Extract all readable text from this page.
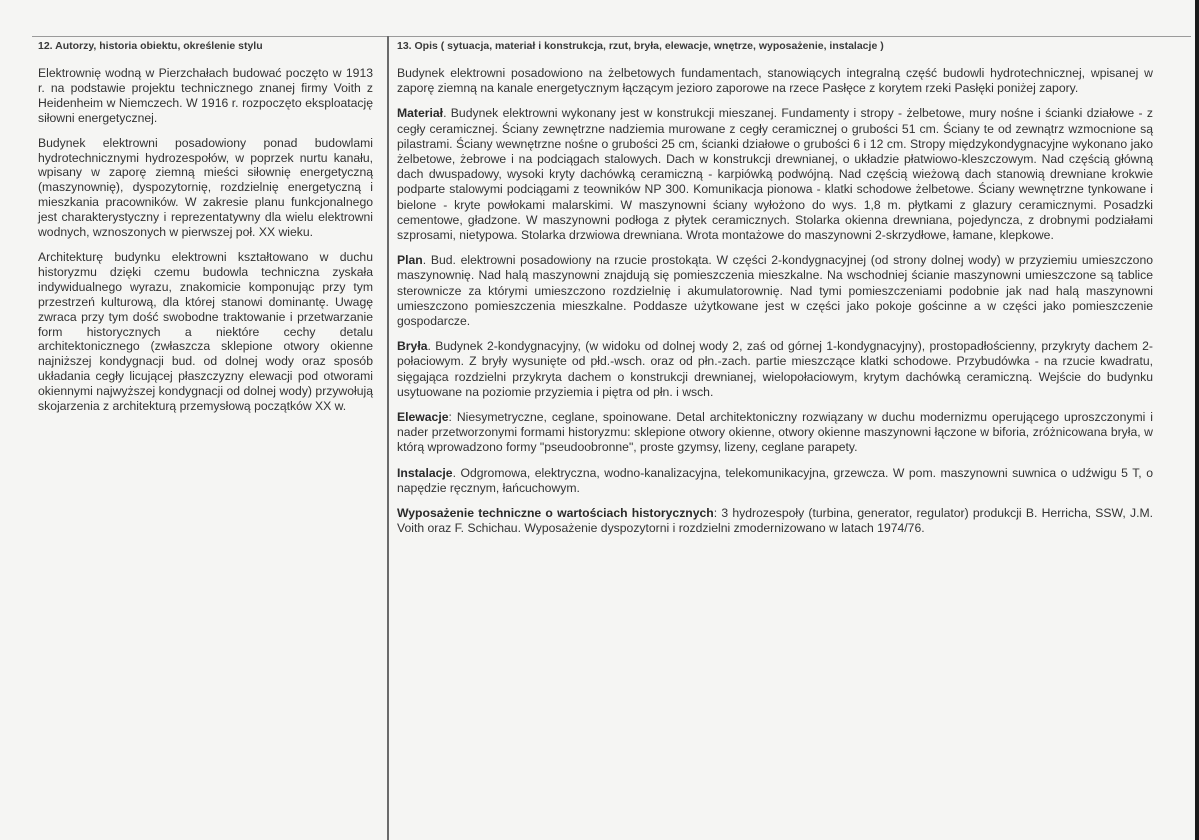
12. Autorzy, historia obiektu, określenie stylu

Elektrownię wodną w Pierzchałach budować poczęto w 1913 r. na podstawie projektu technicznego znanej firmy Voith z Heidenheim w Niemczech. W 1916 r. rozpoczęto eksploatację siłowni energetycznej.

Budynek elektrowni posadowiony ponad budowlami hydrotechnicznymi hydrozespołów, w poprzek nurtu kanału, wpisany w zaporę ziemną mieści siłownię energetyczną (maszynownię), dyspozytornię, rozdzielnię energetyczną i mieszkania pracowników. W zakresie planu funkcjonalnego jest charakterystyczny i reprezentatywny dla wielu elektrowni wodnych, wznoszonych w pierwszej poł. XX wieku.

Architekturę budynku elektrowni kształtowano w duchu historyzmu dzięki czemu budowla techniczna zyskała indywidualnego wyrazu, znakomicie komponując przy tym przestrzeń kulturową, dla której stanowi dominantę. Uwagę zwraca przy tym dość swobodne traktowanie i przetwarzanie form historycznych a niektóre cechy detalu architektonicznego (zwłaszcza sklepione otwory okienne najniższej kondygnacji bud. od dolnej wody oraz sposób układania cegły licującej płaszczyzny elewacji pod otworami okiennymi najwyższej kondygnacji od dolnej wody) przywołują skojarzenia z architekturą przemysłową początków XX w.

13. Opis ( sytuacja, materiał i konstrukcja, rzut, bryła, elewacje, wnętrze, wyposażenie, instalacje )

Budynek elektrowni posadowiono na żelbetowych fundamentach, stanowiących integralną część budowli hydrotechnicznej, wpisanej w zaporę ziemną na kanale energetycznym łączącym jezioro zaporowe na rzece Pasłęce z korytem rzeki Pasłęki poniżej zapory.

Materiał. Budynek elektrowni wykonany jest w konstrukcji mieszanej. Fundamenty i stropy - żelbetowe, mury nośne i ścianki działowe - z cegły ceramicznej. Ściany zewnętrzne nadziemia murowane z cegły ceramicznej o grubości 51 cm. Ściany te od zewnątrz wzmocnione są pilastrami. Ściany wewnętrzne nośne o grubości 25 cm, ścianki działowe o grubości 6 i 12 cm. Stropy międzykondygnacyjne wykonano jako żelbetowe, żebrowe i na podciągach stalowych. Dach w konstrukcji drewnianej, o układzie płatwiowo-kleszczowym. Nad częścią główną dach dwuspadowy, wysoki kryty dachówką ceramiczną - karpiówką podwójną. Nad częścią wieżową dach stanowią drewniane krokwie podparte stalowymi podciągami z teowników NP 300. Komunikacja pionowa - klatki schodowe żelbetowe. Ściany wewnętrzne tynkowane i bielone - kryte powłokami malarskimi. W maszynowni ściany wyłożono do wys. 1,8 m. płytkami z glazury ceramicznymi. Posadzki cementowe, gładzone. W maszynowni podłoga z płytek ceramicznych. Stolarka okienna drewniana, pojedyncza, z drobnymi podziałami szprosami, nietypowa. Stolarka drzwiowa drewniana. Wrota montażowe do maszynowni 2-skrzydłowe, łamane, klepkowe.

Plan. Bud. elektrowni posadowiony na rzucie prostokąta. W części 2-kondygnacyjnej (od strony dolnej wody) w przyziemiu umieszczono maszynownię. Nad halą maszynowni znajdują się pomieszczenia mieszkalne. Na wschodniej ścianie maszynowni umieszczone są tablice sterownicze za którymi umieszczono rozdzielnię i akumulatorownię. Nad tymi pomieszczeniami podobnie jak nad halą maszynowni umieszczono pomieszczenia mieszkalne. Poddasze użytkowane jest w części jako pokoje gościnne a w części jako pomieszczenie gospodarcze.

Bryła. Budynek 2-kondygnacyjny, (w widoku od dolnej wody 2, zaś od górnej 1-kondygnacyjny), prostopadłościenny, przykryty dachem 2-połaciowym. Z bryły wysunięte od płd.-wsch. oraz od płn.-zach. partie mieszczące klatki schodowe. Przybudówka - na rzucie kwadratu, sięgająca rozdzielni przykryta dachem o konstrukcji drewnianej, wielopołaciowym, krytym dachówką ceramiczną. Wejście do budynku usytuowane na poziomie przyziemia i piętra od płn. i wsch.

Elewacje: Niesymetryczne, ceglane, spoinowane. Detal architektoniczny rozwiązany w duchu modernizmu operującego uproszczonymi i nader przetworzonymi formami historyzmu: sklepione otwory okienne, otwory okienne maszynowni łączone w biforia, zróżnicowana bryła, w którą wprowadzono formy "pseudoobronne", proste gzymsy, lizeny, ceglane parapety.

Instalacje. Odgromowa, elektryczna, wodno-kanalizacyjna, telekomunikacyjna, grzewcza. W pom. maszynowni suwnica o udźwigu 5 T, o napędzie ręcznym, łańcuchowym.

Wyposażenie techniczne o wartościach historycznych: 3 hydrozespoły (turbina, generator, regulator) produkcji B. Herricha, SSW, J.M. Voith oraz F. Schichau. Wyposażenie dyspozytorni i rozdzielni zmodernizowano w latach 1974/76.
